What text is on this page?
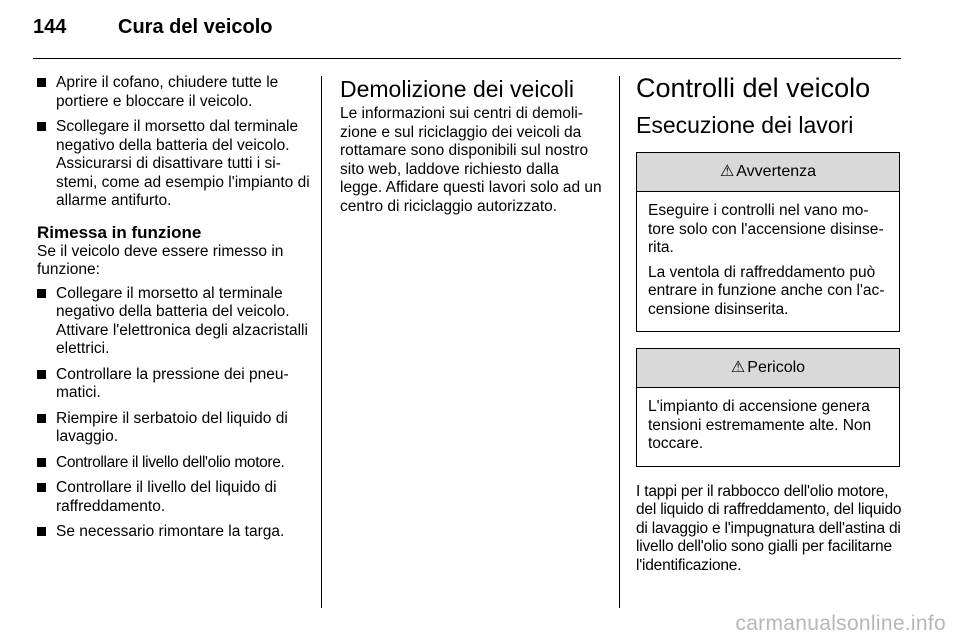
144	Cura del veicolo
Aprire il cofano, chiudere tutte le portiere e bloccare il veicolo.
Scollegare il morsetto dal terminale negativo della batteria del veicolo. Assicurarsi di disattivare tutti i sistemi, come ad esempio l'impianto di allarme antifurto.
Rimessa in funzione

Se il veicolo deve essere rimesso in funzione:

Collegare il morsetto al terminale negativo della batteria del veicolo. Attivare l'elettronica degli alzacristalli elettrici.
Controllare la pressione dei pneumatici.
Riempire il serbatoio del liquido di lavaggio.
Controllare il livello dell'olio motore.
Controllare il livello del liquido di raffreddamento.
Se necessario rimontare la targa.
Demolizione dei veicoli

Le informazioni sui centri di demolizione e sul riciclaggio dei veicoli da rottamare sono disponibili sul nostro sito web, laddove richiesto dalla legge. Affidare questi lavori solo ad un centro di riciclaggio autorizzato.

Controlli del veicolo
Esecuzione dei lavori
⚠ Avvertenza

Eseguire i controlli nel vano motore solo con l'accensione disinserita.

La ventola di raffreddamento può entrare in funzione anche con l'accensione disinserita.

⚠ Pericolo

L'impianto di accensione genera tensioni estremamente alte. Non toccare.

I tappi per il rabbocco dell'olio motore, del liquido di raffreddamento, del liquido di lavaggio e l'impugnatura dell'astina di livello dell'olio sono gialli per facilitarne l'identificazione.

carmanualsonline.info
